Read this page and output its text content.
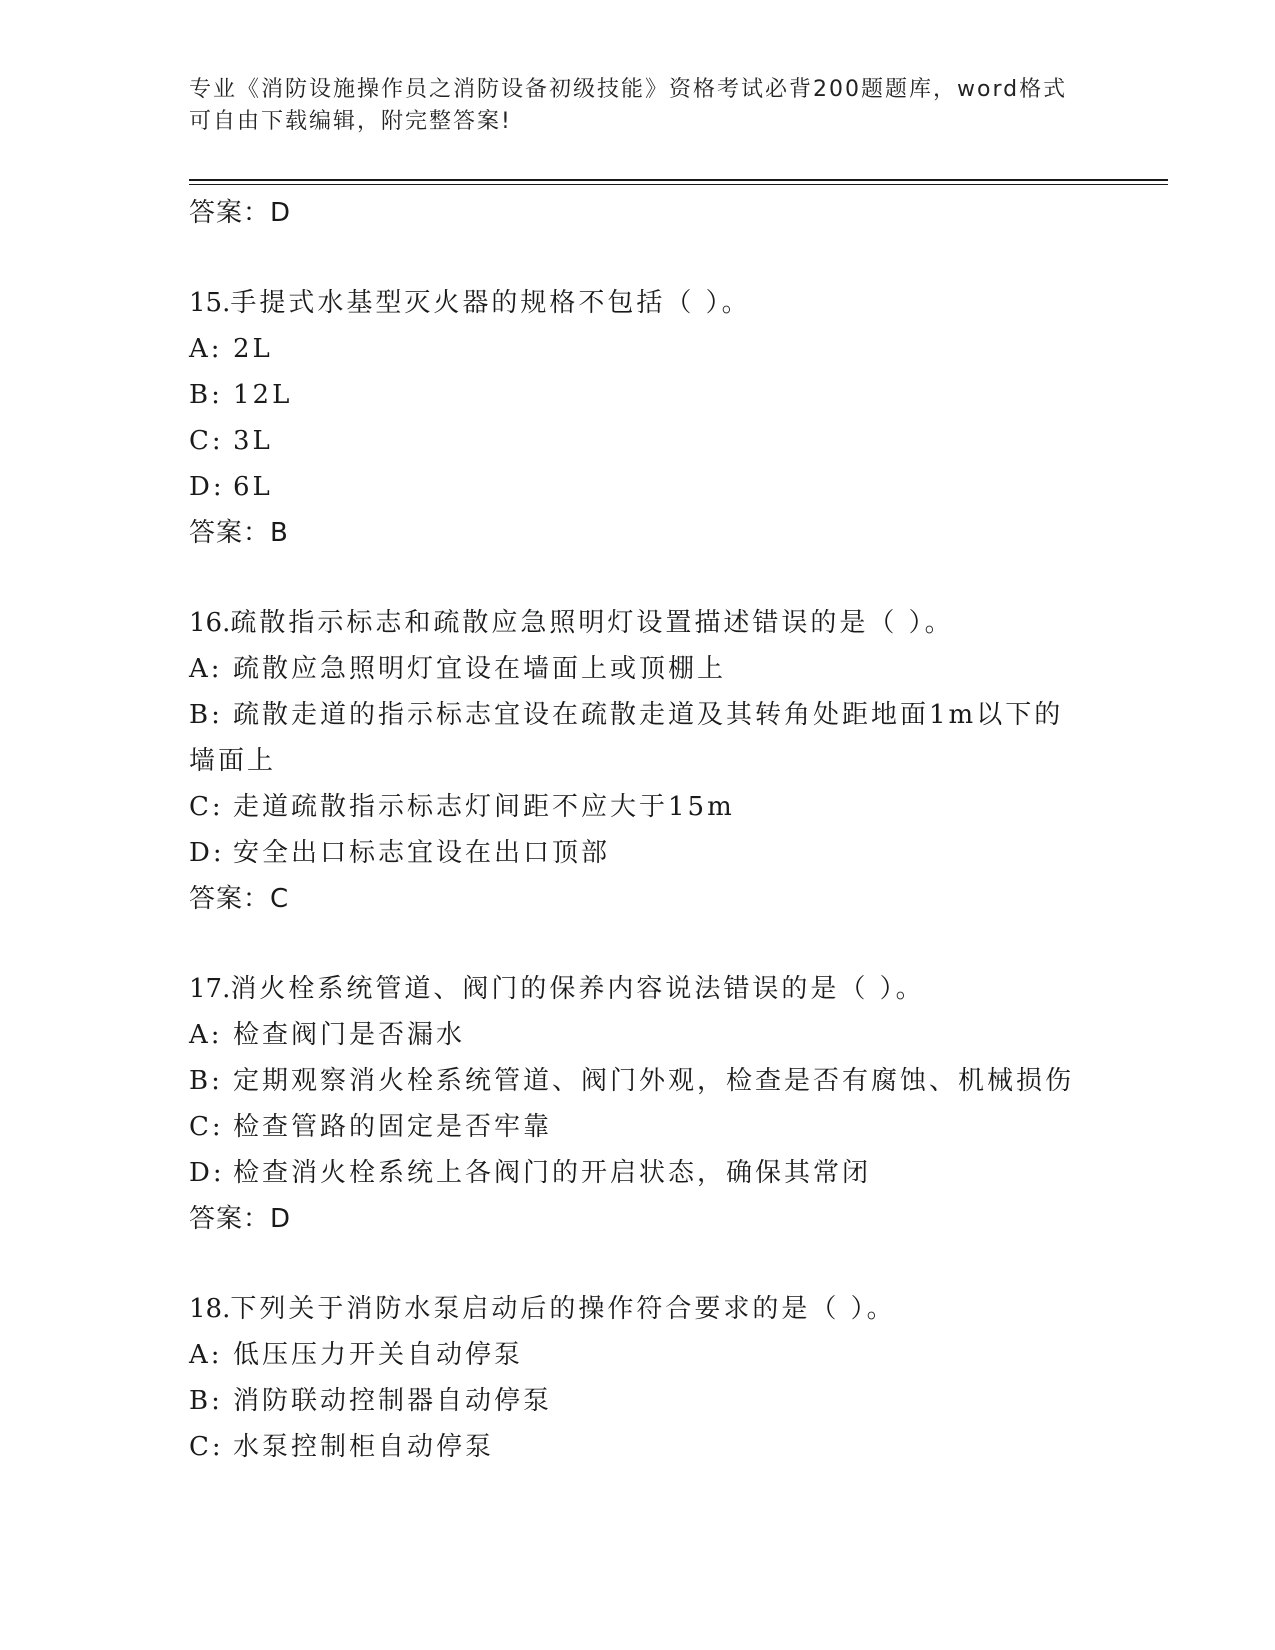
专业《消防设施操作员之消防设备初级技能》资格考试必背200题题库，word格式可自由下载编辑，附完整答案!
答案：D
15.手提式水基型灭火器的规格不包括（ ）。
A: 2L
B: 12L
C: 3L
D: 6L
答案：B
16.疏散指示标志和疏散应急照明灯设置描述错误的是（ ）。
A: 疏散应急照明灯宜设在墙面上或顶棚上
B: 疏散走道的指示标志宜设在疏散走道及其转角处距地面1m以下的墙面上
C: 走道疏散指示标志灯间距不应大于15m
D: 安全出口标志宜设在出口顶部
答案：C
17.消火栓系统管道、阀门的保养内容说法错误的是（ ）。
A: 检查阀门是否漏水
B: 定期观察消火栓系统管道、阀门外观，检查是否有腐蚀、机械损伤
C: 检查管路的固定是否牢靠
D: 检查消火栓系统上各阀门的开启状态，确保其常闭
答案：D
18.下列关于消防水泵启动后的操作符合要求的是（ ）。
A: 低压压力开关自动停泵
B: 消防联动控制器自动停泵
C: 水泵控制柜自动停泵
